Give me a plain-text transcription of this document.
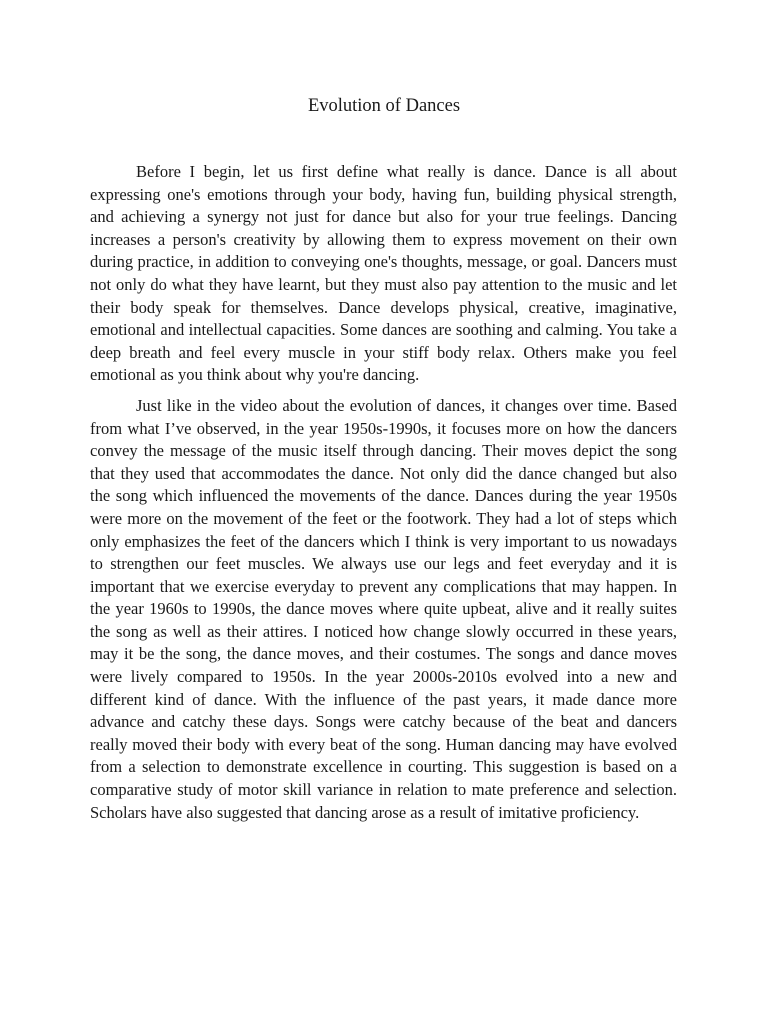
Evolution of Dances

Before I begin, let us first define what really is dance. Dance is all about expressing one's emotions through your body, having fun, building physical strength, and achieving a synergy not just for dance but also for your true feelings. Dancing increases a person's creativity by allowing them to express movement on their own during practice, in addition to conveying one's thoughts, message, or goal. Dancers must not only do what they have learnt, but they must also pay attention to the music and let their body speak for themselves. Dance develops physical, creative, imaginative, emotional and intellectual capacities. Some dances are soothing and calming. You take a deep breath and feel every muscle in your stiff body relax. Others make you feel emotional as you think about why you're dancing.

Just like in the video about the evolution of dances, it changes over time. Based from what I’ve observed, in the year 1950s-1990s, it focuses more on how the dancers convey the message of the music itself through dancing. Their moves depict the song that they used that accommodates the dance. Not only did the dance changed but also the song which influenced the movements of the dance. Dances during the year 1950s were more on the movement of the feet or the footwork. They had a lot of steps which only emphasizes the feet of the dancers which I think is very important to us nowadays to strengthen our feet muscles. We always use our legs and feet everyday and it is important that we exercise everyday to prevent any complications that may happen. In the year 1960s to 1990s, the dance moves where quite upbeat, alive and it really suites the song as well as their attires. I noticed how change slowly occurred in these years, may it be the song, the dance moves, and their costumes. The songs and dance moves were lively compared to 1950s. In the year 2000s-2010s evolved into a new and different kind of dance. With the influence of the past years, it made dance more advance and catchy these days. Songs were catchy because of the beat and dancers really moved their body with every beat of the song. Human dancing may have evolved from a selection to demonstrate excellence in courting. This suggestion is based on a comparative study of motor skill variance in relation to mate preference and selection. Scholars have also suggested that dancing arose as a result of imitative proficiency.
